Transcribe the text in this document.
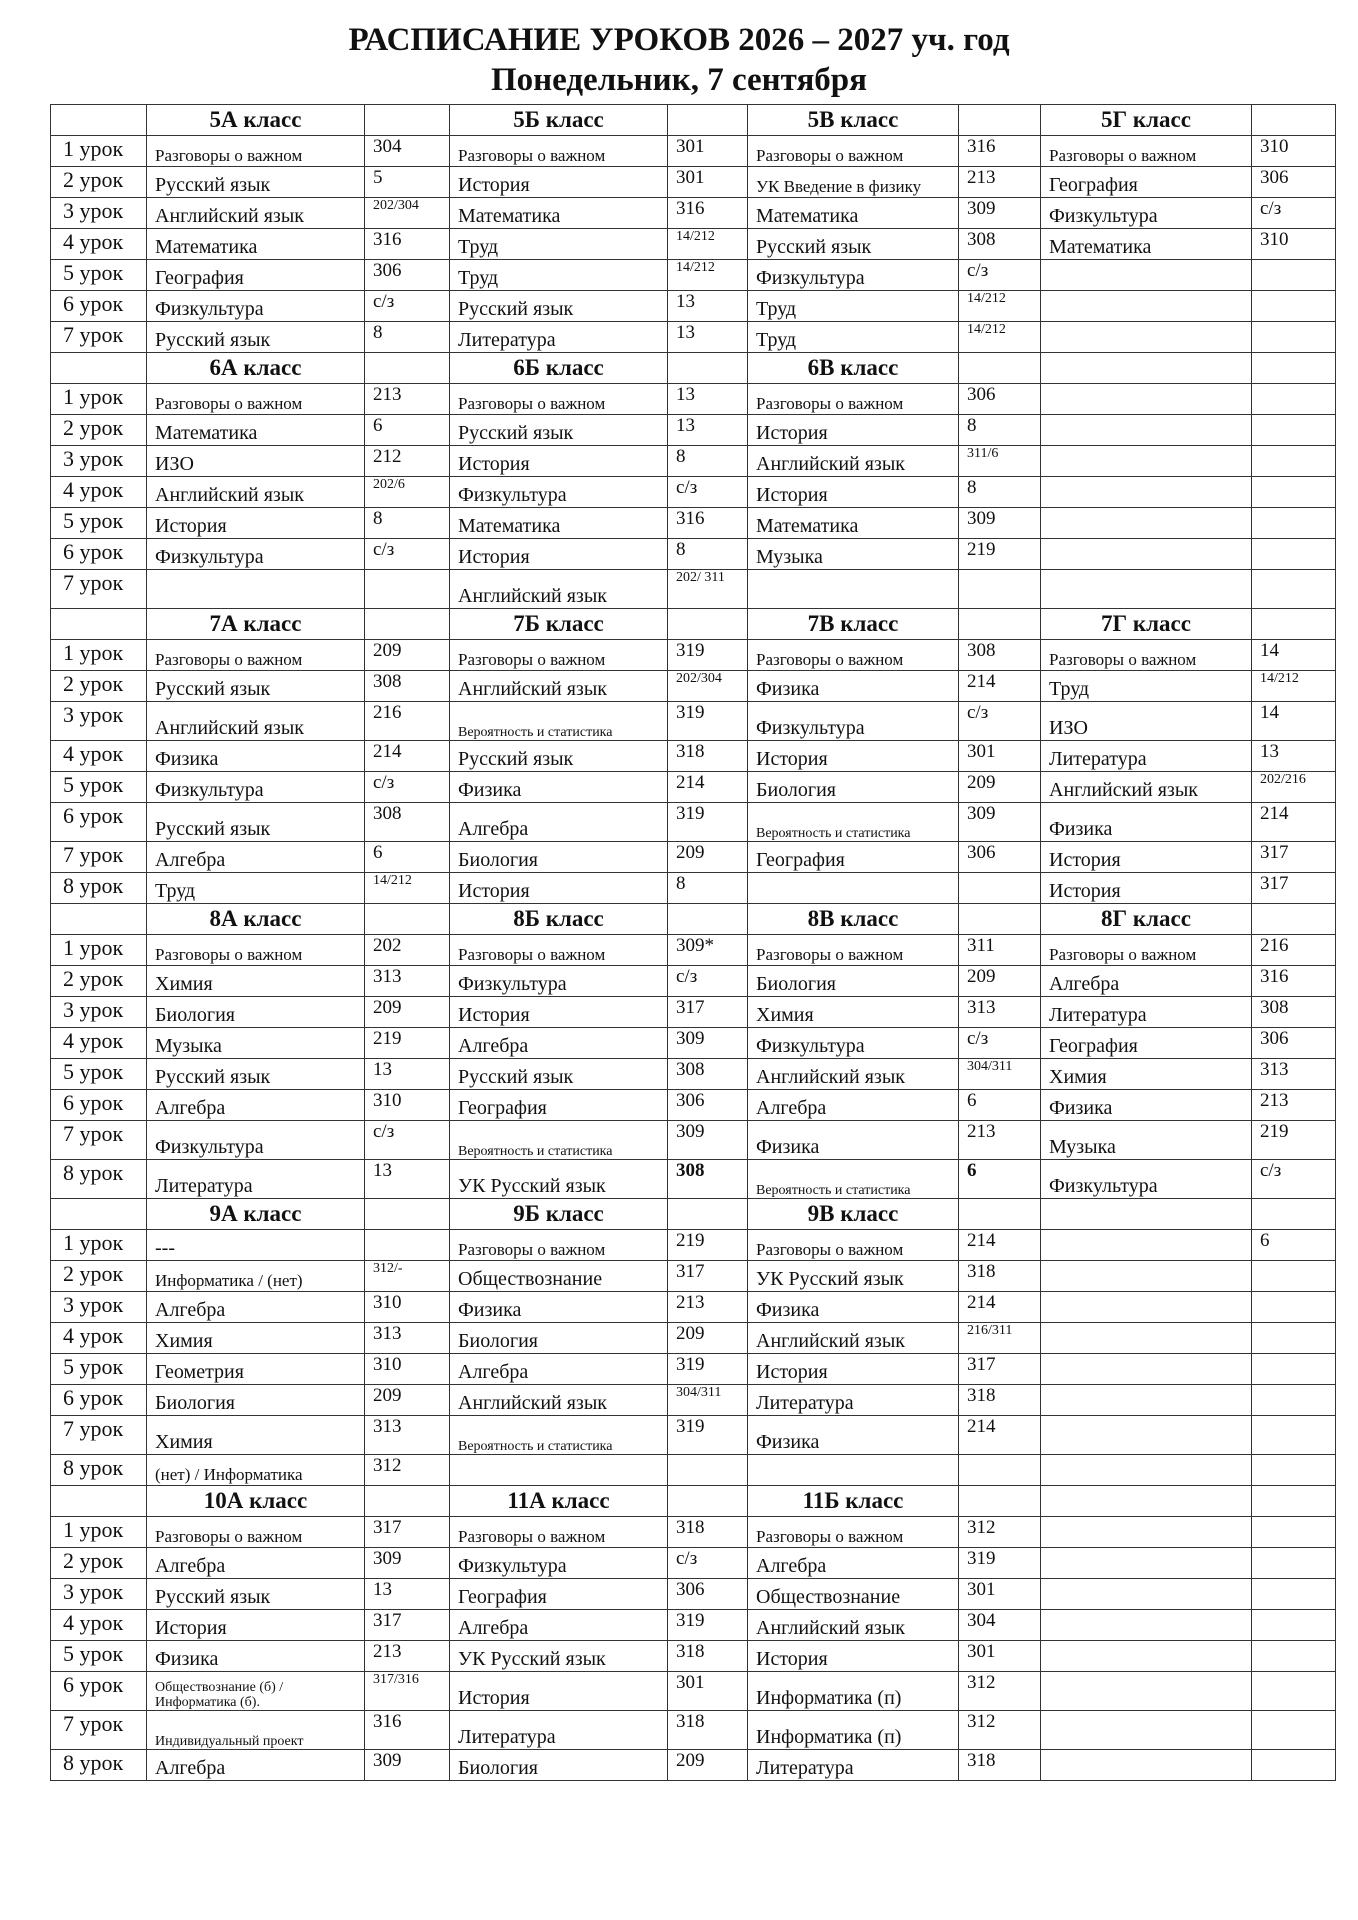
РАСПИСАНИЕ УРОКОВ 2026 – 2027 уч. год
Понедельник, 7 сентября
	5А класс		5Б класс		5В класс		5Г класс	
1 урок	Разговоры о важном	304	Разговоры о важном	301	Разговоры о важном	316	Разговоры о важном	310
2 урок	Русский язык	5	История	301	УК Введение в физику	213	География	306
3 урок	Английский язык	202/304	Математика	316	Математика	309	Физкультура	с/з
4 урок	Математика	316	Труд	14/212	Русский язык	308	Математика	310
5 урок	География	306	Труд	14/212	Физкультура	с/з		
6 урок	Физкультура	с/з	Русский язык	13	Труд	14/212		
7 урок	Русский язык	8	Литература	13	Труд	14/212		
	6А класс		6Б класс		6В класс			
1 урок	Разговоры о важном	213	Разговоры о важном	13	Разговоры о важном	306		
2 урок	Математика	6	Русский язык	13	История	8		
3 урок	ИЗО	212	История	8	Английский язык	311/6		
4 урок	Английский язык	202/6	Физкультура	с/з	История	8		
5 урок	История	8	Математика	316	Математика	309		
6 урок	Физкультура	с/з	История	8	Музыка	219		
7 урок			Английский язык	202/ 311				
	7А класс		7Б класс		7В класс		7Г класс	
1 урок	Разговоры о важном	209	Разговоры о важном	319	Разговоры о важном	308	Разговоры о важном	14
2 урок	Русский язык	308	Английский язык	202/304	Физика	214	Труд	14/212
3 урок	Английский язык	216	Вероятность и статистика	319	Физкультура	с/з	ИЗО	14
4 урок	Физика	214	Русский язык	318	История	301	Литература	13
5 урок	Физкультура	с/з	Физика	214	Биология	209	Английский язык	202/216
6 урок	Русский язык	308	Алгебра	319	Вероятность и статистика	309	Физика	214
7 урок	Алгебра	6	Биология	209	География	306	История	317
8 урок	Труд	14/212	История	8			История	317
	8А класс		8Б класс		8В класс		8Г класс	
1 урок	Разговоры о важном	202	Разговоры о важном	309*	Разговоры о важном	311	Разговоры о важном	216
2 урок	Химия	313	Физкультура	с/з	Биология	209	Алгебра	316
3 урок	Биология	209	История	317	Химия	313	Литература	308
4 урок	Музыка	219	Алгебра	309	Физкультура	с/з	География	306
5 урок	Русский язык	13	Русский язык	308	Английский язык	304/311	Химия	313
6 урок	Алгебра	310	География	306	Алгебра	6	Физика	213
7 урок	Физкультура	с/з	Вероятность и статистика	309	Физика	213	Музыка	219
8 урок	Литература	13	УК Русский язык	308	Вероятность и статистика	6	Физкультура	с/з
	9А класс		9Б класс		9В класс			
1 урок	---		Разговоры о важном	219	Разговоры о важном	214		6
2 урок	Информатика / (нет)	312/-	Обществознание	317	УК Русский язык	318		
3 урок	Алгебра	310	Физика	213	Физика	214		
4 урок	Химия	313	Биология	209	Английский язык	216/311		
5 урок	Геометрия	310	Алгебра	319	История	317		
6 урок	Биология	209	Английский язык	304/311	Литература	318		
7 урок	Химия	313	Вероятность и статистика	319	Физика	214		
8 урок	(нет) / Информатика	312						
	10А класс		11А класс		11Б класс			
1 урок	Разговоры о важном	317	Разговоры о важном	318	Разговоры о важном	312		
2 урок	Алгебра	309	Физкультура	с/з	Алгебра	319		
3 урок	Русский язык	13	География	306	Обществознание	301		
4 урок	История	317	Алгебра	319	Английский язык	304		
5 урок	Физика	213	УК Русский язык	318	История	301		
6 урок	Обществознание (б) / Информатика (б).	317/316	История	301	Информатика (п)	312		
7 урок	Индивидуальный проект	316	Литература	318	Информатика (п)	312		
8 урок	Алгебра	309	Биология	209	Литература	318		
